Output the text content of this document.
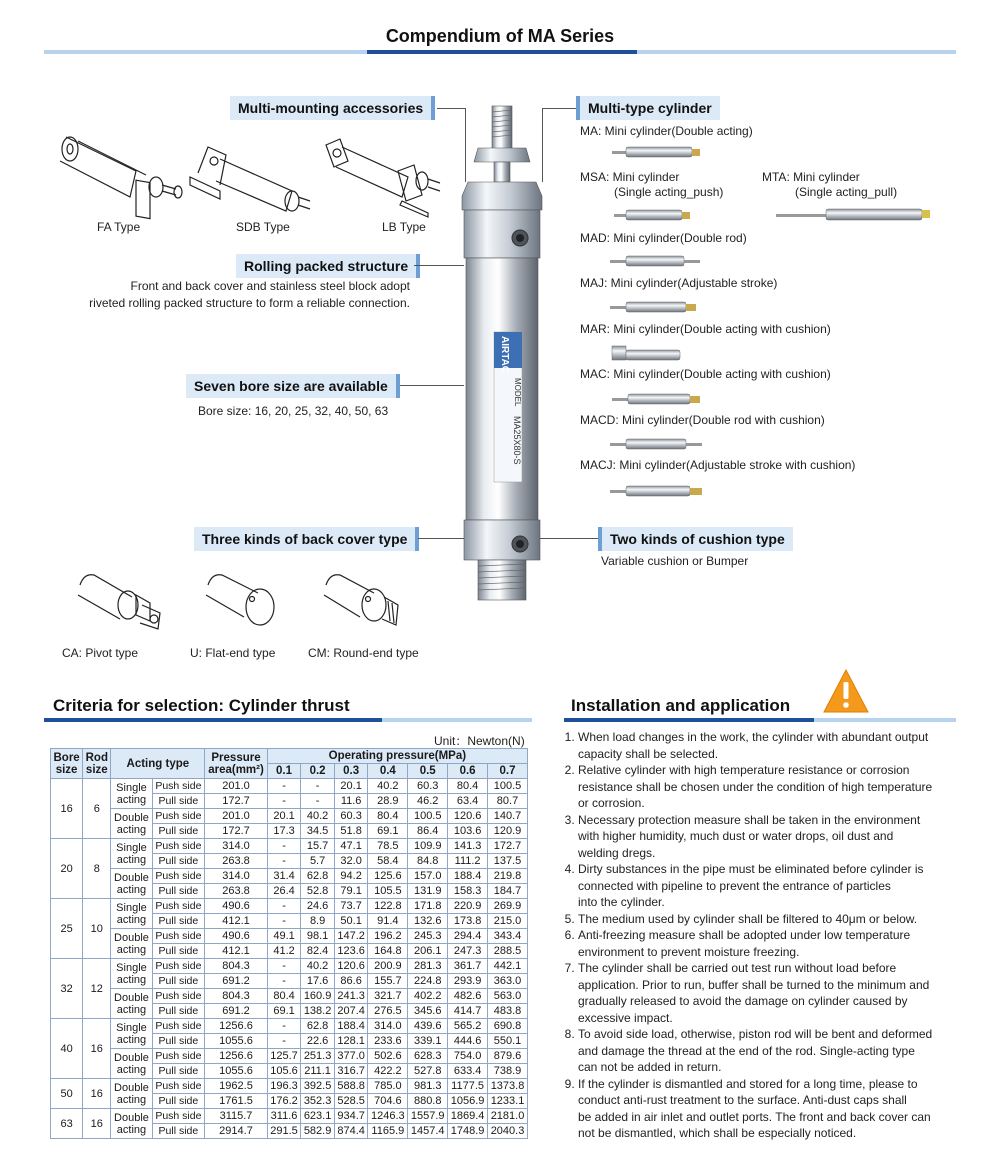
Compendium of MA Series
FA Type	SDB Type	LB Type
Multi-mounting accessories
Rolling packed structure
Front and back cover and stainless steel block adopt
riveted rolling packed structure to form a reliable connection.
Seven bore size are available
Bore size: 16, 20, 25, 32, 40, 50, 63
Three kinds of back cover type
CA: Pivot type	U: Flat-end type	CM: Round-end type
AIRTAC
MODEL
MA25X80-S
Multi-type cylinder
Two kinds of cushion type
Variable cushion or Bumper
MA: Mini cylinder(Double acting)
MSA: Mini cylinder
(Single acting_push)
MTA: Mini cylinder
(Single acting_pull)
MAD: Mini cylinder(Double rod)
MAJ: Mini cylinder(Adjustable stroke)
MAR: Mini cylinder(Double acting with cushion)
MAC: Mini cylinder(Double acting with cushion)
MACD: Mini cylinder(Double rod with cushion)
MACJ: Mini cylinder(Adjustable stroke with cushion)
Criteria for selection: Cylinder thrust
Unit：Newton(N)
Bore
size	Rod
size	Acting type		Pressure
area(mm²)	Operating pressure(MPa)						
					0.1	0.2	0.3	0.4	0.5	0.6	0.7
16	6	Single
acting	Push side	201.0	-	-	20.1	40.2	60.3	80.4	100.5
			Pull side	172.7	-	-	11.6	28.9	46.2	63.4	80.7
		Double
acting	Push side	201.0	20.1	40.2	60.3	80.4	100.5	120.6	140.7
			Pull side	172.7	17.3	34.5	51.8	69.1	86.4	103.6	120.9
20	8	Single
acting	Push side	314.0	-	15.7	47.1	78.5	109.9	141.3	172.7
			Pull side	263.8	-	5.7	32.0	58.4	84.8	111.2	137.5
		Double
acting	Push side	314.0	31.4	62.8	94.2	125.6	157.0	188.4	219.8
			Pull side	263.8	26.4	52.8	79.1	105.5	131.9	158.3	184.7
25	10	Single
acting	Push side	490.6	-	24.6	73.7	122.8	171.8	220.9	269.9
			Pull side	412.1	-	8.9	50.1	91.4	132.6	173.8	215.0
		Double
acting	Push side	490.6	49.1	98.1	147.2	196.2	245.3	294.4	343.4
			Pull side	412.1	41.2	82.4	123.6	164.8	206.1	247.3	288.5
32	12	Single
acting	Push side	804.3	-	40.2	120.6	200.9	281.3	361.7	442.1
			Pull side	691.2	-	17.6	86.6	155.7	224.8	293.9	363.0
		Double
acting	Push side	804.3	80.4	160.9	241.3	321.7	402.2	482.6	563.0
			Pull side	691.2	69.1	138.2	207.4	276.5	345.6	414.7	483.8
40	16	Single
acting	Push side	1256.6	-	62.8	188.4	314.0	439.6	565.2	690.8
			Pull side	1055.6	-	22.6	128.1	233.6	339.1	444.6	550.1
		Double
acting	Push side	1256.6	125.7	251.3	377.0	502.6	628.3	754.0	879.6
			Pull side	1055.6	105.6	211.1	316.7	422.2	527.8	633.4	738.9
50	16	Double
acting	Push side	1962.5	196.3	392.5	588.8	785.0	981.3	1177.5	1373.8
			Pull side	1761.5	176.2	352.3	528.5	704.6	880.8	1056.9	1233.1
63	16	Double
acting	Push side	3115.7	311.6	623.1	934.7	1246.3	1557.9	1869.4	2181.0
			Pull side	2914.7	291.5	582.9	874.4	1165.9	1457.4	1748.9	2040.3
Installation and application
1. When load changes in the work, the cylinder with abundant output
capacity shall be selected.
2. Relative cylinder with high temperature resistance or corrosion
resistance shall be chosen under the condition of high temperature
or corrosion.
3. Necessary protection measure shall be taken in the environment
with higher humidity, much dust or water drops, oil dust and
welding dregs.
4. Dirty substances in the pipe must be eliminated before cylinder is
connected with pipeline to prevent the entrance of particles
into the cylinder.
5. The medium used by cylinder shall be filtered to 40μm or below.
6. Anti-freezing measure shall be adopted under low temperature
environment to prevent moisture freezing.
7. The cylinder shall be carried out test run without load before
application. Prior to run, buffer shall be turned to the minimum and
gradually released to avoid the damage on cylinder caused by
excessive impact.
8. To avoid side load, otherwise, piston rod will be bent and deformed
and damage the thread at the end of the rod. Single-acting type
can not be added in return.
9. If the cylinder is dismantled and stored for a long time, please to
conduct anti-rust treatment to the surface. Anti-dust caps shall
be added in air inlet and outlet ports. The front and back cover can
not be dismantled, which shall be especially noticed.
